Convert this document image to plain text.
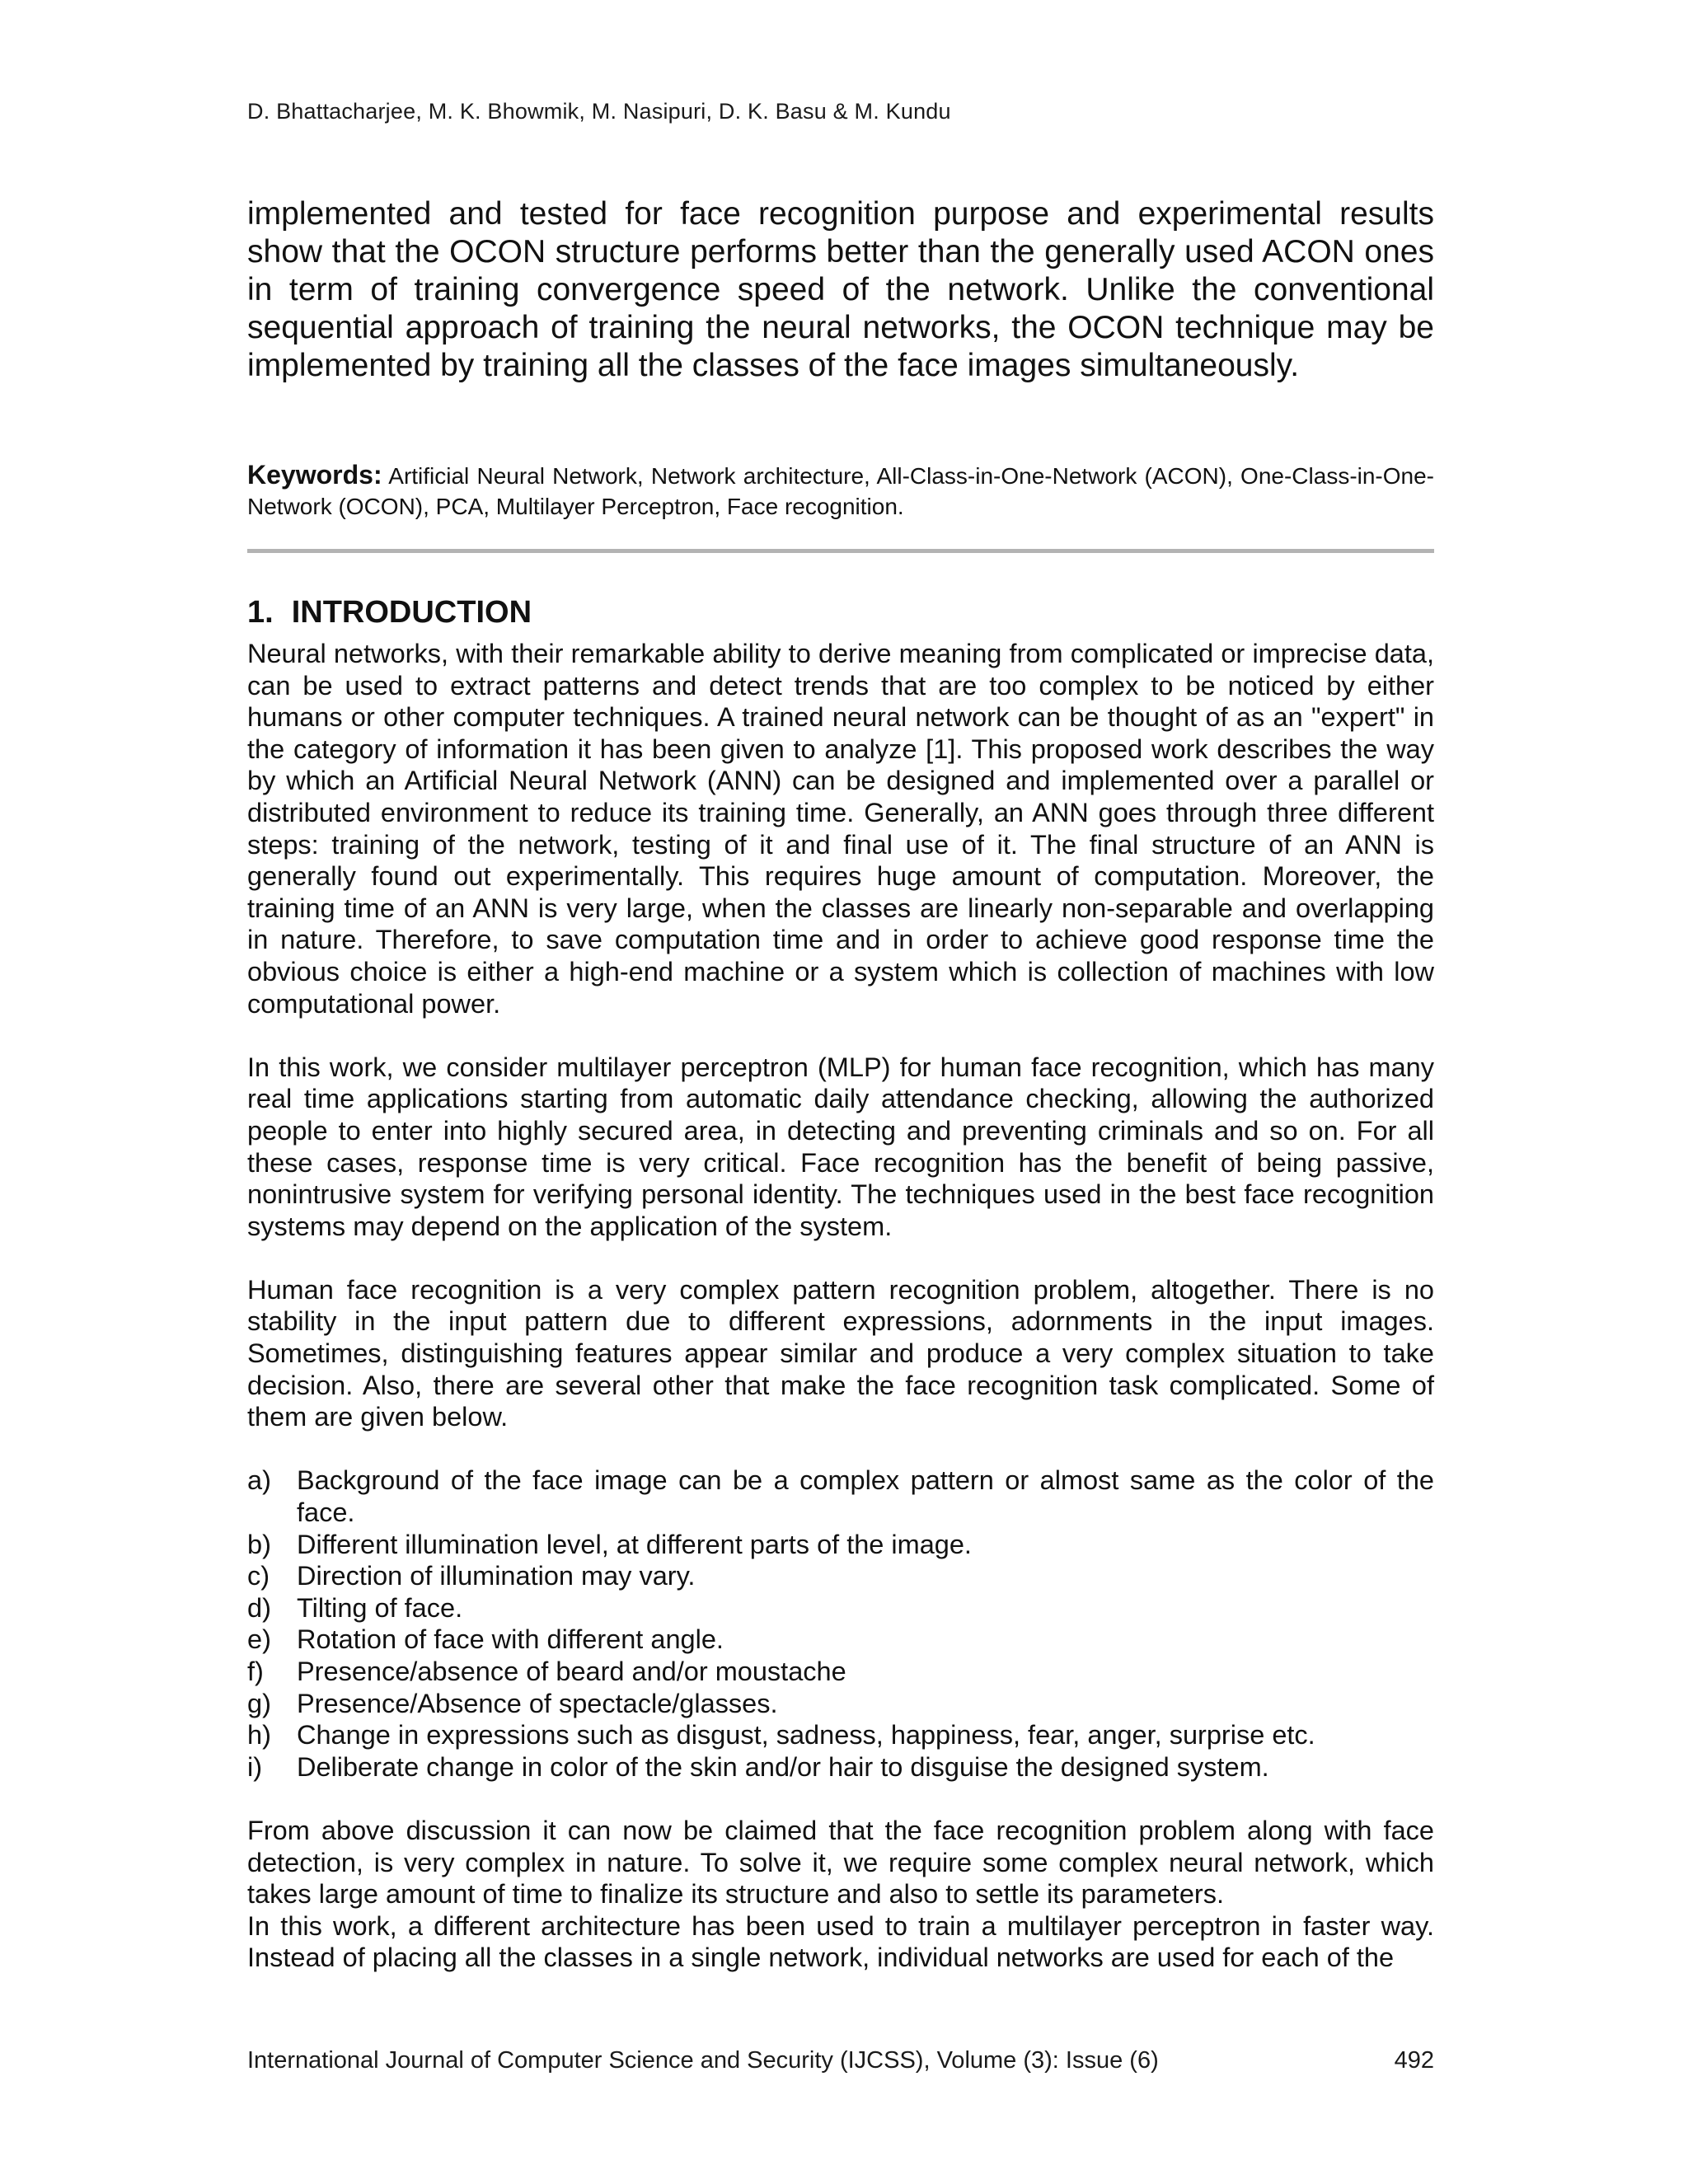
D. Bhattacharjee, M. K. Bhowmik, M. Nasipuri, D. K. Basu & M. Kundu
implemented and tested for face recognition purpose and experimental results show that the OCON structure performs better than the generally used ACON ones in term of training convergence speed of the network. Unlike the conventional sequential approach of training the neural networks, the OCON technique may be implemented by training all the classes of the face images simultaneously.
Keywords: Artificial Neural Network, Network architecture, All-Class-in-One-Network (ACON), One-Class-in-One-Network (OCON), PCA, Multilayer Perceptron, Face recognition.
1. INTRODUCTION

Neural networks, with their remarkable ability to derive meaning from complicated or imprecise data, can be used to extract patterns and detect trends that are too complex to be noticed by either humans or other computer techniques. A trained neural network can be thought of as an "expert" in the category of information it has been given to analyze [1]. This proposed work describes the way by which an Artificial Neural Network (ANN) can be designed and implemented over a parallel or distributed environment to reduce its training time. Generally, an ANN goes through three different steps: training of the network, testing of it and final use of it. The final structure of an ANN is generally found out experimentally. This requires huge amount of computation. Moreover, the training time of an ANN is very large, when the classes are linearly non-separable and overlapping in nature. Therefore, to save computation time and in order to achieve good response time the obvious choice is either a high-end machine or a system which is collection of machines with low computational power.

In this work, we consider multilayer perceptron (MLP) for human face recognition, which has many real time applications starting from automatic daily attendance checking, allowing the authorized people to enter into highly secured area, in detecting and preventing criminals and so on. For all these cases, response time is very critical. Face recognition has the benefit of being passive, nonintrusive system for verifying personal identity. The techniques used in the best face recognition systems may depend on the application of the system.

Human face recognition is a very complex pattern recognition problem, altogether. There is no stability in the input pattern due to different expressions, adornments in the input images. Sometimes, distinguishing features appear similar and produce a very complex situation to take decision. Also, there are several other that make the face recognition task complicated. Some of them are given below.

a) Background of the face image can be a complex pattern or almost same as the color of the face.
b) Different illumination level, at different parts of the image.
c) Direction of illumination may vary.
d) Tilting of face.
e) Rotation of face with different angle.
f) Presence/absence of beard and/or moustache
g) Presence/Absence of spectacle/glasses.
h) Change in expressions such as disgust, sadness, happiness, fear, anger, surprise etc.
i) Deliberate change in color of the skin and/or hair to disguise the designed system.

From above discussion it can now be claimed that the face recognition problem along with face detection, is very complex in nature. To solve it, we require some complex neural network, which takes large amount of time to finalize its structure and also to settle its parameters.

In this work, a different architecture has been used to train a multilayer perceptron in faster way. Instead of placing all the classes in a single network, individual networks are used for each of the

International Journal of Computer Science and Security (IJCSS), Volume (3): Issue (6)	492
